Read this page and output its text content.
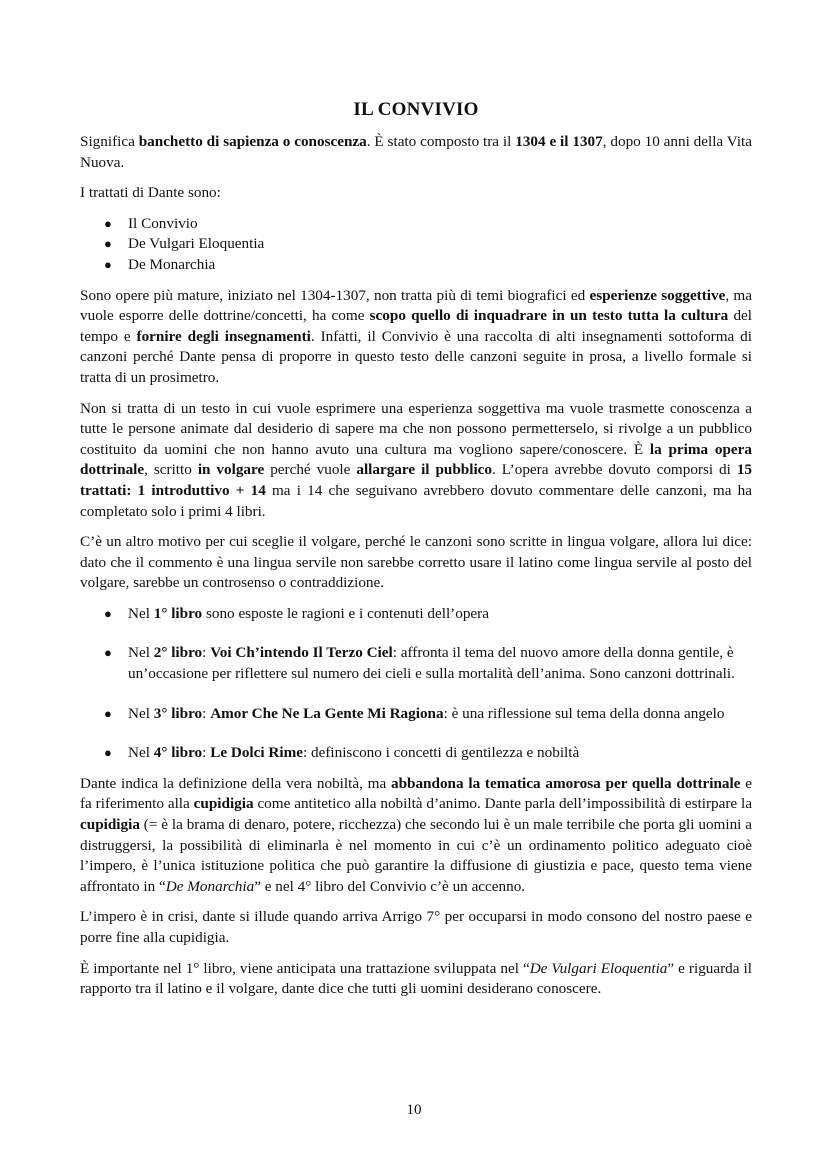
IL CONVIVIO

Significa banchetto di sapienza o conoscenza. È stato composto tra il 1304 e il 1307, dopo 10 anni della Vita Nuova.

I trattati di Dante sono:

● Il Convivio
● De Vulgari Eloquentia
● De Monarchia

Sono opere più mature, iniziato nel 1304-1307, non tratta più di temi biografici ed esperienze soggettive, ma vuole esporre delle dottrine/concetti, ha come scopo quello di inquadrare in un testo tutta la cultura del tempo e fornire degli insegnamenti. Infatti, il Convivio è una raccolta di alti insegnamenti sottoforma di canzoni perché Dante pensa di proporre in questo testo delle canzoni seguite in prosa, a livello formale si tratta di un prosimetro.

Non si tratta di un testo in cui vuole esprimere una esperienza soggettiva ma vuole trasmette conoscenza a tutte le persone animate dal desiderio di sapere ma che non possono permetterselo, si rivolge a un pubblico costituito da uomini che non hanno avuto una cultura ma vogliono sapere/conoscere. È la prima opera dottrinale, scritto in volgare perché vuole allargare il pubblico. L’opera avrebbe dovuto comporsi di 15 trattati: 1 introduttivo + 14 ma i 14 che seguivano avrebbero dovuto commentare delle canzoni, ma ha completato solo i primi 4 libri.

C’è un altro motivo per cui sceglie il volgare, perché le canzoni sono scritte in lingua volgare, allora lui dice: dato che il commento è una lingua servile non sarebbe corretto usare il latino come lingua servile al posto del volgare, sarebbe un controsenso o contraddizione.

● Nel 1° libro sono esposte le ragioni e i contenuti dell’opera
● Nel 2° libro: Voi Ch’intendo Il Terzo Ciel: affronta il tema del nuovo amore della donna gentile, è un’occasione per riflettere sul numero dei cieli e sulla mortalità dell’anima. Sono canzoni dottrinali.
● Nel 3° libro: Amor Che Ne La Gente Mi Ragiona: è una riflessione sul tema della donna angelo
● Nel 4° libro: Le Dolci Rime: definiscono i concetti di gentilezza e nobiltà

Dante indica la definizione della vera nobiltà, ma abbandona la tematica amorosa per quella dottrinale e fa riferimento alla cupidigia come antitetico alla nobiltà d’animo. Dante parla dell’impossibilità di estirpare la cupidigia (= è la brama di denaro, potere, ricchezza) che secondo lui è un male terribile che porta gli uomini a distruggersi, la possibilità di eliminarla è nel momento in cui c’è un ordinamento politico adeguato cioè l’impero, è l’unica istituzione politica che può garantire la diffusione di giustizia e pace, questo tema viene affrontato in “De Monarchia” e nel 4° libro del Convivio c’è un accenno.

L’impero è in crisi, dante si illude quando arriva Arrigo 7° per occuparsi in modo consono del nostro paese e porre fine alla cupidigia.

È importante nel 1° libro, viene anticipata una trattazione sviluppata nel “De Vulgari Eloquentia” e riguarda il rapporto tra il latino e il volgare, dante dice che tutti gli uomini desiderano conoscere.

10
